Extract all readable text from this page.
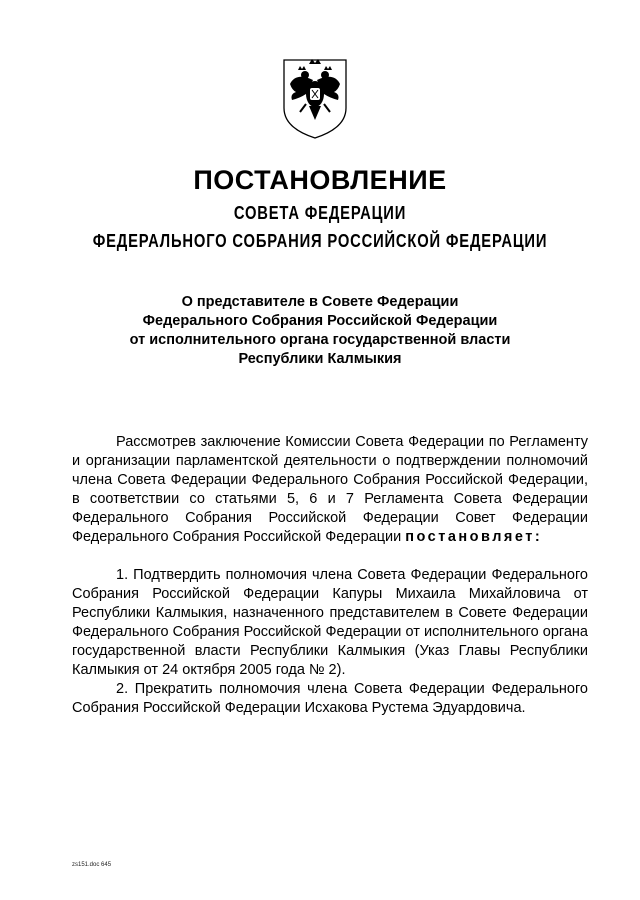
ПОСТАНОВЛЕНИЕ
СОВЕТА ФЕДЕРАЦИИ
ФЕДЕРАЛЬНОГО СОБРАНИЯ РОССИЙСКОЙ ФЕДЕРАЦИИ
О представителе в Совете Федерации
Федерального Собрания Российской Федерации
от исполнительного органа государственной власти
Республики Калмыкия

Рассмотрев заключение Комиссии Совета Федерации по Регламенту и организации парламентской деятельности о подтверждении полномочий члена Совета Федерации Федерального Собрания Российской Федерации, в соответствии со статьями 5, 6 и 7 Регламента Совета Федерации Федерального Собрания Российской Федерации Совет Федерации Федерального Собрания Российской Федерации постановляет:

1. Подтвердить полномочия члена Совета Федерации Федерального Собрания Российской Федерации Капуры Михаила Михайловича от Республики Калмыкия, назначенного представителем в Совете Федерации Федерального Собрания Российской Федерации от исполнительного органа государственной власти Республики Калмыкия (Указ Главы Республики Калмыкия от 24 октября 2005 года № 2).

2. Прекратить полномочия члена Совета Федерации Федерального Собрания Российской Федерации Исхакова Рустема Эдуардовича.

zs151.doc 645
